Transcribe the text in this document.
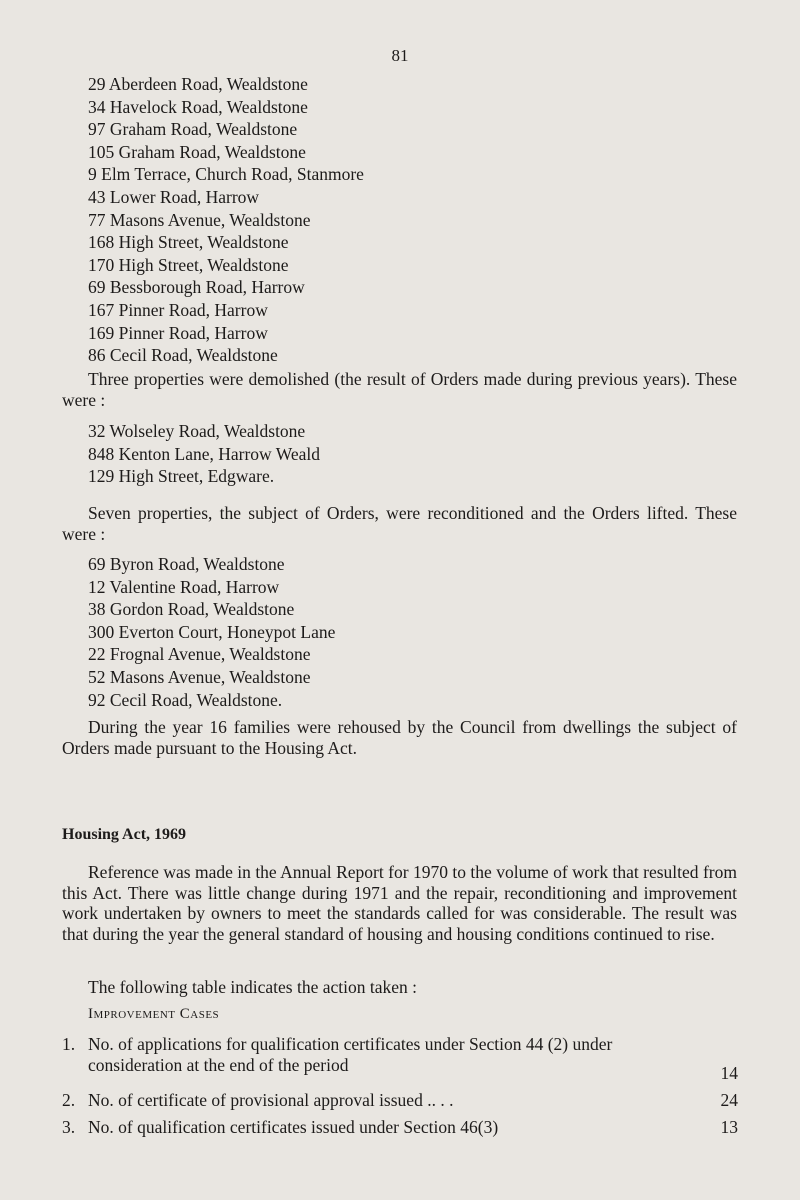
81
29 Aberdeen Road, Wealdstone
34 Havelock Road, Wealdstone
97 Graham Road, Wealdstone
105 Graham Road, Wealdstone
9 Elm Terrace, Church Road, Stanmore
43 Lower Road, Harrow
77 Masons Avenue, Wealdstone
168 High Street, Wealdstone
170 High Street, Wealdstone
69 Bessborough Road, Harrow
167 Pinner Road, Harrow
169 Pinner Road, Harrow
86 Cecil Road, Wealdstone

Three properties were demolished (the result of Orders made during previous years). These were :

32 Wolseley Road, Wealdstone
848 Kenton Lane, Harrow Weald
129 High Street, Edgware.

Seven properties, the subject of Orders, were reconditioned and the Orders lifted. These were :

69 Byron Road, Wealdstone
12 Valentine Road, Harrow
38 Gordon Road, Wealdstone
300 Everton Court, Honeypot Lane
22 Frognal Avenue, Wealdstone
52 Masons Avenue, Wealdstone
92 Cecil Road, Wealdstone.

During the year 16 families were rehoused by the Council from dwellings the subject of Orders made pursuant to the Housing Act.

Housing Act, 1969

Reference was made in the Annual Report for 1970 to the volume of work that resulted from this Act. There was little change during 1971 and the repair, reconditioning and improvement work undertaken by owners to meet the standards called for was considerable. The result was that during the year the general standard of housing and housing conditions continued to rise.

The following table indicates the action taken :

Improvement Cases
1. No. of applications for qualification certificates under Section 44 (2) under consideration at the end of the period	14
2. No. of certificate of provisional approval issued .. . .	24
3. No. of qualification certificates issued under Section 46(3)	13
